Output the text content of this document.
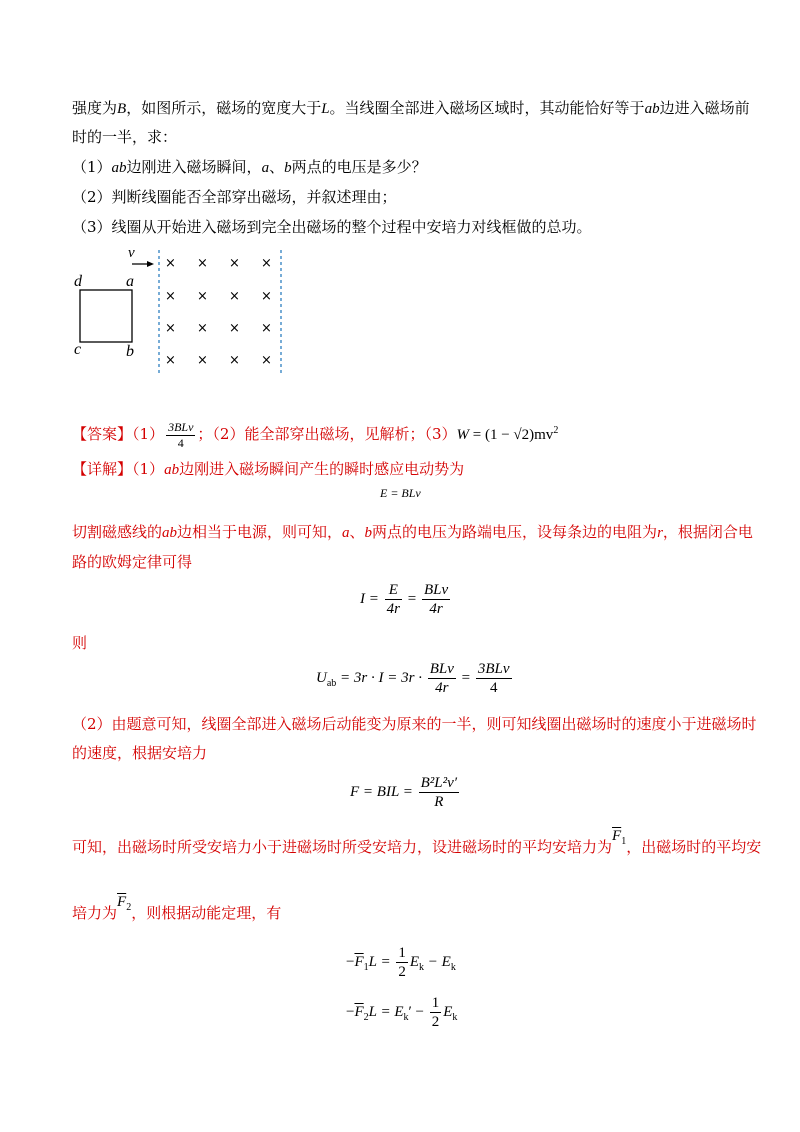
强度为B，如图所示，磁场的宽度大于L。当线圈全部进入磁场区域时，其动能恰好等于ab边进入磁场前
时的一半，求：
（1）ab边刚进入磁场瞬间，a、b两点的电压是多少？
（2）判断线圈能否全部穿出磁场，并叙述理由；
（3）线圈从开始进入磁场到完全出磁场的整个过程中安培力对线框做的总功。
v
d	a
c	b
× × × ×
× × × ×
× × × ×
× × × ×
【答案】$(1) \frac{\text{3BLv}}{4}$ ；（2）能全部穿出磁场，见解析；$(3)W = (1 - √2)mv^2$
【详解】（1）ab边刚进入磁场瞬间产生的瞬时感应电动势为
E = BLv
切割磁感线的ab边相当于电源，则可知，a、b两点的电压为路端电压，设每条边的电阻为r，根据闭合电
路的欧姆定律可得
$I = \frac{E}{4r} = \frac{\text{BLv}}{4r}$
则
$U_{ab} = 3r \cdot I = 3r \cdot \frac{\text{BLv}}{4r} = \frac{\text{3BLv}}{4}$
（2）由题意可知，线圈全部进入磁场后动能变为原来的一半，则可知线圈出磁场时的速度小于进磁场时
的速度，根据安培力
F = BIL = $\frac{\text{B²L²v′}}{R}$
可知，出磁场时所受安培力小于进磁场时所受安培力，设进磁场时的平均安培力为$\overline{F}_1$，出磁场时的平均安
培力为$\overline{F}_2$，则根据动能定理，有
$-\overline{F}_1L = \frac{1}{2} E_k - E_k$
$-\overline{F}_2L = E_k' - \frac{1}{2} E_k$
